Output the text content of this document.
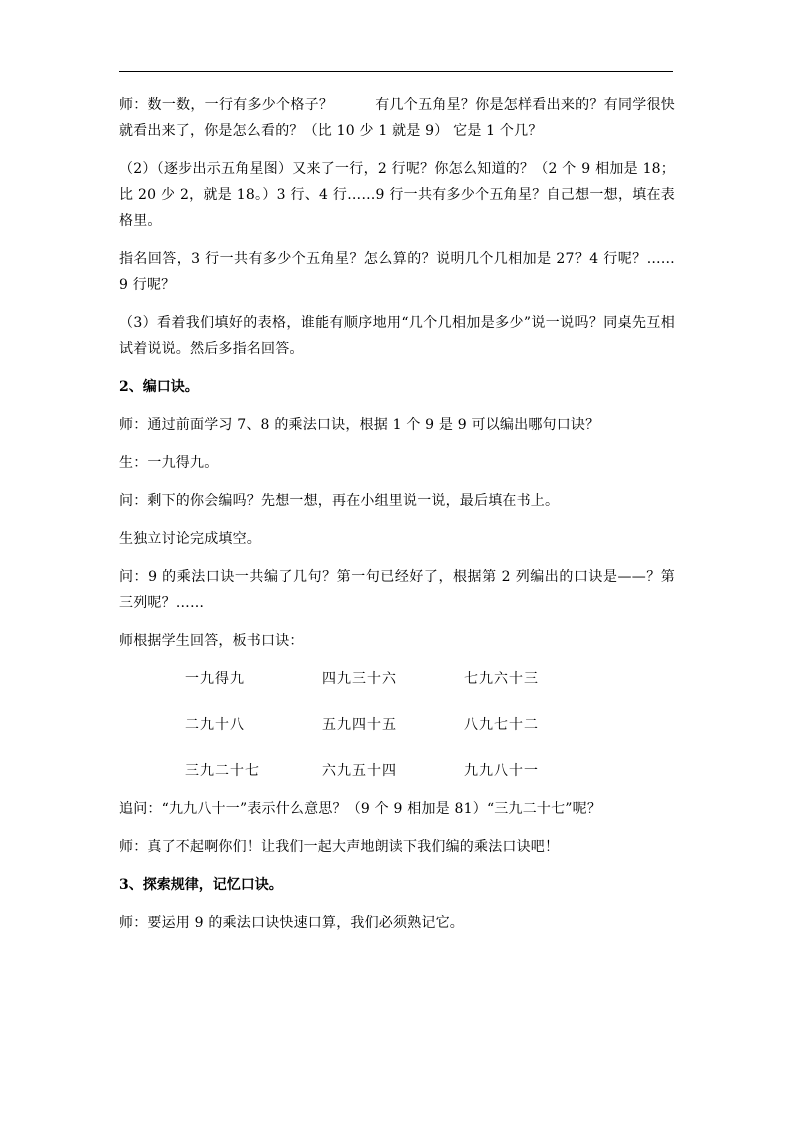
师：数一数，一行有多少个格子？	有几个五角星？你是怎样看出来的？有同学很快就看出来了，你是怎么看的？（比 10 少 1 就是 9） 它是 1 个几？

（2）（逐步出示五角星图）又来了一行，2 行呢？你怎么知道的？（2 个 9 相加是 18；比 20 少 2，就是 18。）3 行、4 行……9 行一共有多少个五角星？自己想一想，填在表格里。

指名回答，3 行一共有多少个五角星？怎么算的？说明几个几相加是 27？4 行呢？……9 行呢？

（3）看着我们填好的表格，谁能有顺序地用“几个几相加是多少”说一说吗？同桌先互相试着说说。然后多指名回答。

2、编口诀。

师：通过前面学习 7、8 的乘法口诀，根据 1 个 9 是 9 可以编出哪句口诀？

生：一九得九。

问：剩下的你会编吗？先想一想，再在小组里说一说，最后填在书上。

生独立讨论完成填空。

问：9 的乘法口诀一共编了几句？第一句已经好了，根据第 2 列编出的口诀是——？第三列呢？……

师根据学生回答，板书口诀：

一九得九	四九三十六	七九六十三
二九十八	五九四十五	八九七十二
三九二十七	六九五十四	九九八十一

追问：“九九八十一”表示什么意思？（9 个 9 相加是 81）“三九二十七”呢？

师：真了不起啊你们！让我们一起大声地朗读下我们编的乘法口诀吧！

3、探索规律，记忆口诀。

师：要运用 9 的乘法口诀快速口算，我们必须熟记它。
